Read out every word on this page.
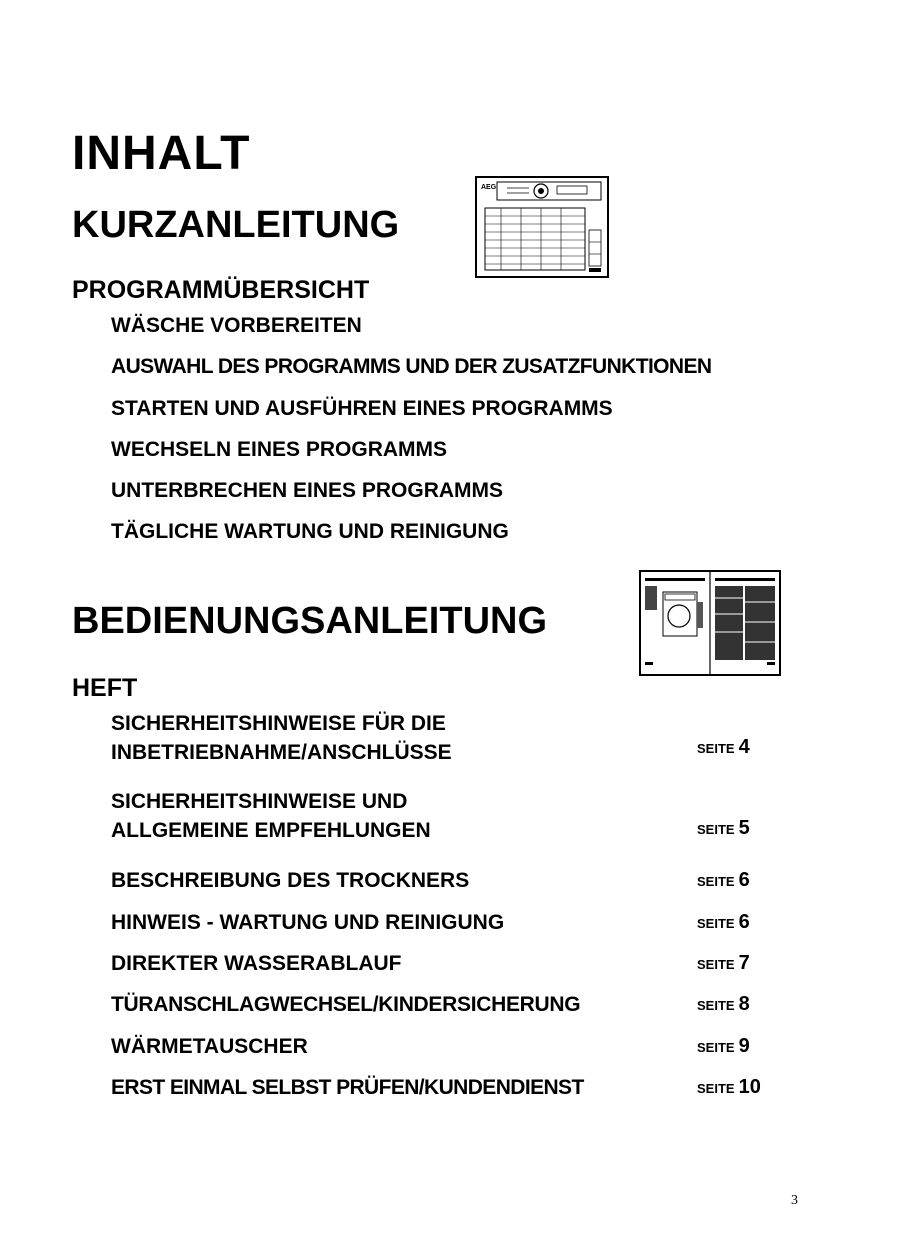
INHALT
KURZANLEITUNG
AEG
PROGRAMMÜBERSICHT
WÄSCHE VORBEREITEN
AUSWAHL DES PROGRAMMS UND DER ZUSATZFUNKTIONEN
STARTEN UND AUSFÜHREN EINES PROGRAMMS
WECHSELN EINES PROGRAMMS
UNTERBRECHEN EINES PROGRAMMS
TÄGLICHE WARTUNG UND REINIGUNG
BEDIENUNGSANLEITUNG
HEFT
SICHERHEITSHINWEISE FÜR DIE
INBETRIEBNAHME/ANSCHLÜSSE	SEITE 4
SICHERHEITSHINWEISE UND
ALLGEMEINE EMPFEHLUNGEN	SEITE 5
BESCHREIBUNG DES TROCKNERS	SEITE 6
HINWEIS - WARTUNG UND REINIGUNG	SEITE 6
DIREKTER WASSERABLAUF	SEITE 7
TÜRANSCHLAGWECHSEL/KINDERSICHERUNG	SEITE 8
WÄRMETAUSCHER	SEITE 9
ERST EINMAL SELBST PRÜFEN/KUNDENDIENST	SEITE 10
3
